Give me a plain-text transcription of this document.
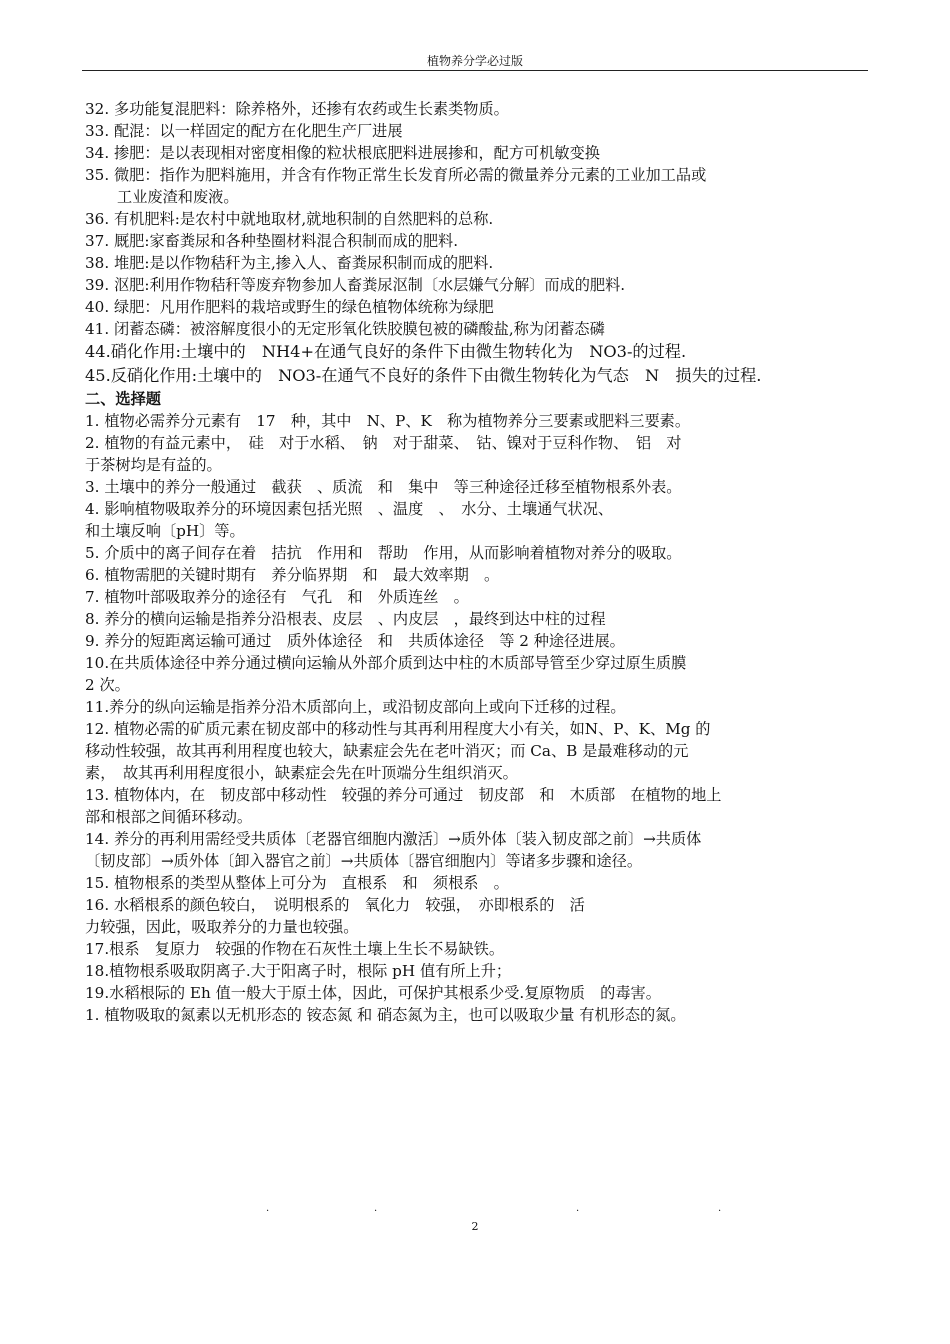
植物养分学必过版
32. 多功能复混肥料：除养格外，还掺有农药或生长素类物质。
33. 配混：以一样固定的配方在化肥生产厂进展
34. 掺肥：是以表现相对密度相像的粒状根底肥料进展掺和，配方可机敏变换
35. 微肥：指作为肥料施用，并含有作物正常生长发育所必需的微量养分元素的工业加工品或
工业废渣和废液。
36. 有机肥料:是农村中就地取材,就地积制的自然肥料的总称.
37. 厩肥:家畜粪尿和各种垫圈材料混合积制而成的肥料.
38. 堆肥:是以作物秸秆为主,掺入人、畜粪尿积制而成的肥料.
39. 沤肥:利用作物秸秆等废弃物参加人畜粪尿沤制〔水层嫌气分解〕而成的肥料.
40. 绿肥：凡用作肥料的栽培或野生的绿色植物体统称为绿肥
41. 闭蓄态磷：被溶解度很小的无定形氧化铁胶膜包被的磷酸盐,称为闭蓄态磷
44.硝化作用:土壤中的　NH4+在通气良好的条件下由微生物转化为　NO3-的过程.
45.反硝化作用:土壤中的　NO3-在通气不良好的条件下由微生物转化为气态　N　损失的过程.
二、选择题
1. 植物必需养分元素有　17　种，其中　N、P、K　称为植物养分三要素或肥料三要素。
2. 植物的有益元素中，　硅　对于水稻、　钠　对于甜菜、　钴、镍对于豆科作物、　铝　对
于茶树均是有益的。
3. 土壤中的养分一般通过　截获　、质流　和　集中　等三种途径迁移至植物根系外表。
4. 影响植物吸取养分的环境因素包括光照　、温度　、　水分、土壤通气状况、
和土壤反响〔pH〕等。
5. 介质中的离子间存在着　拮抗　作用和　帮助　作用，从而影响着植物对养分的吸取。
6. 植物需肥的关键时期有　养分临界期　和　最大效率期　。
7. 植物叶部吸取养分的途径有　气孔　和　外质连丝　。
8. 养分的横向运输是指养分沿根表、皮层　、内皮层　，最终到达中柱的过程
9. 养分的短距离运输可通过　质外体途径　和　共质体途径　等 2 种途径进展。
10.在共质体途径中养分通过横向运输从外部介质到达中柱的木质部导管至少穿过原生质膜
2 次。
11.养分的纵向运输是指养分沿木质部向上，或沿韧皮部向上或向下迁移的过程。
12. 植物必需的矿质元素在韧皮部中的移动性与其再利用程度大小有关，如N、P、K、Mg 的
移动性较强，故其再利用程度也较大，缺素症会先在老叶消灭；而 Ca、B 是最难移动的元
素，　故其再利用程度很小，缺素症会先在叶顶端分生组织消灭。
13. 植物体内，在　韧皮部中移动性　较强的养分可通过　韧皮部　和　木质部　在植物的地上
部和根部之间循环移动。
14. 养分的再利用需经受共质体〔老器官细胞内激活〕→质外体〔装入韧皮部之前〕→共质体
〔韧皮部〕→质外体〔卸入器官之前〕→共质体〔器官细胞内〕等诸多步骤和途径。
15. 植物根系的类型从整体上可分为　直根系　和　须根系　。
16. 水稻根系的颜色较白，　说明根系的　氧化力　较强，　亦即根系的　活
力较强，因此，吸取养分的力量也较强。
17.根系　复原力　较强的作物在石灰性土壤上生长不易缺铁。
18.植物根系吸取阴离子.大于阳离子时，根际 pH 值有所上升；
19.水稻根际的 Eh 值一般大于原土体，因此，可保护其根系少受.复原物质　的毒害。
1. 植物吸取的氮素以无机形态的 铵态氮 和 硝态氮为主，也可以吸取少量 有机形态的氮。
.	.	.	.
2
